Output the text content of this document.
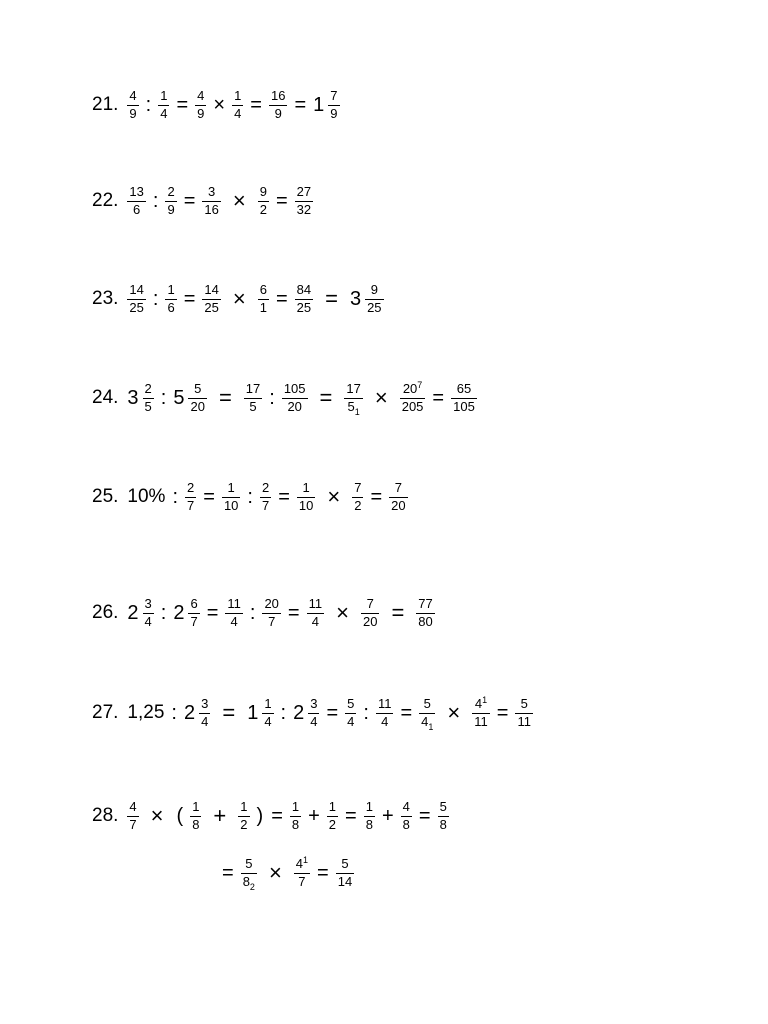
21. $\frac{4}{9}$ : $\frac{1}{4} = \frac{4}{9} \times \frac{1}{4} = \frac{16}{9} = 1 \frac{7}{9}$
22. $\frac{13}{6}$ : $\frac{2}{9} = \frac{3}{16} \times \frac{9}{2} = \frac{27}{32}$
23. $\frac{14}{25}$ : $\frac{1}{6} = \frac{14}{25} \times \frac{6}{1} = \frac{84}{25} = 3 \frac{9}{25}$
24. $3 \frac{2}{5}$ : $5 \frac{5}{20} = \frac{17}{5}$ : $\frac{105}{20} = \frac{17}{5_1} \times \frac{20^7}{205} = \frac{65}{105}$
25. 10% : $\frac{2}{7} = \frac{1}{10}$ : $\frac{2}{7} = \frac{1}{10} \times \frac{7}{2} = \frac{7}{20}$
26. $2 \frac{3}{4}$ : $2 \frac{6}{7} = \frac{11}{4}$ : $\frac{20}{7} = \frac{11}{4} \times \frac{7}{20} = \frac{77}{80}$
27. 1,25 : $2 \frac{3}{4} = 1 \frac{1}{4}$ : $2 \frac{3}{4} = \frac{5}{4}$ : $\frac{11}{4} = \frac{5}{4_1} \times \frac{4^1}{11} = \frac{5}{11}$
28. $\frac{4}{7}$ × ( $\frac{1}{8} + \frac{1}{2}$ ) = $\frac{1}{8} + \frac{1}{2} = \frac{1}{8} + \frac{4}{8} = \frac{5}{8}$
= $\frac{5}{8_2} \times \frac{4^1}{7} = \frac{5}{14}$
